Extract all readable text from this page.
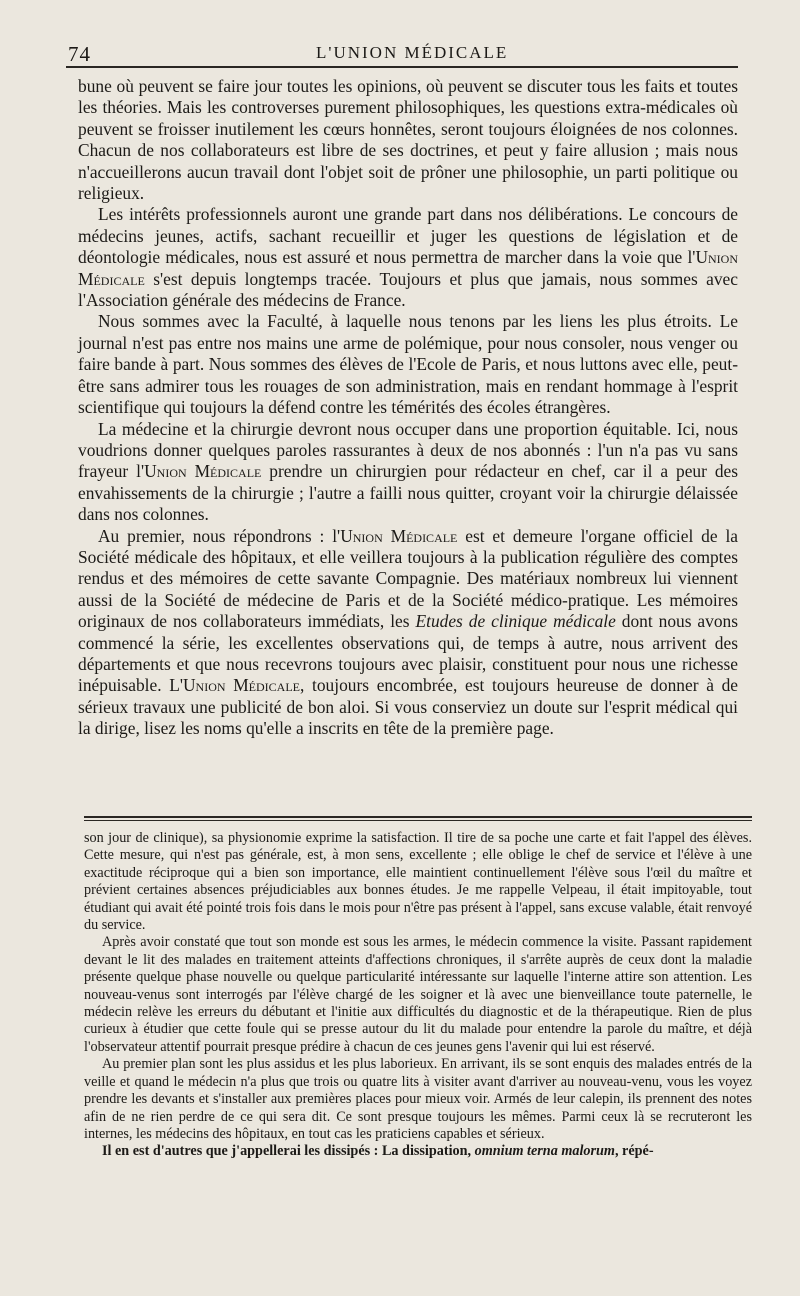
74	L'UNION MÉDICALE

bune où peuvent se faire jour toutes les opinions, où peuvent se discuter tous les faits et toutes les théories. Mais les controverses purement philosophiques, les questions extra-médicales où peuvent se froisser inutilement les cœurs honnêtes, seront toujours éloignées de nos colonnes. Chacun de nos collaborateurs est libre de ses doctrines, et peut y faire allusion ; mais nous n'accueillerons aucun travail dont l'objet soit de prôner une philosophie, un parti politique ou religieux.

Les intérêts professionnels auront une grande part dans nos délibérations. Le concours de médecins jeunes, actifs, sachant recueillir et juger les questions de législation et de déontologie médicales, nous est assuré et nous permettra de marcher dans la voie que l'Union Médicale s'est depuis longtemps tracée. Toujours et plus que jamais, nous sommes avec l'Association générale des médecins de France.

Nous sommes avec la Faculté, à laquelle nous tenons par les liens les plus étroits. Le journal n'est pas entre nos mains une arme de polémique, pour nous consoler, nous venger ou faire bande à part. Nous sommes des élèves de l'Ecole de Paris, et nous luttons avec elle, peut-être sans admirer tous les rouages de son administration, mais en rendant hommage à l'esprit scientifique qui toujours la défend contre les témérités des écoles étrangères.

La médecine et la chirurgie devront nous occuper dans une proportion équitable. Ici, nous voudrions donner quelques paroles rassurantes à deux de nos abonnés : l'un n'a pas vu sans frayeur l'Union Médicale prendre un chirurgien pour rédacteur en chef, car il a peur des envahissements de la chirurgie ; l'autre a failli nous quitter, croyant voir la chirurgie délaissée dans nos colonnes.

Au premier, nous répondrons : l'Union Médicale est et demeure l'organe officiel de la Société médicale des hôpitaux, et elle veillera toujours à la publication régulière des comptes rendus et des mémoires de cette savante Compagnie. Des matériaux nombreux lui viennent aussi de la Société de médecine de Paris et de la Société médico-pratique. Les mémoires originaux de nos collaborateurs immédiats, les Etudes de clinique médicale dont nous avons commencé la série, les excellentes observations qui, de temps à autre, nous arrivent des départements et que nous recevrons toujours avec plaisir, constituent pour nous une richesse inépuisable. L'Union Médicale, toujours encombrée, est toujours heureuse de donner à de sérieux travaux une publicité de bon aloi. Si vous conserviez un doute sur l'esprit médical qui la dirige, lisez les noms qu'elle a inscrits en tête de la première page.

son jour de clinique), sa physionomie exprime la satisfaction. Il tire de sa poche une carte et fait l'appel des élèves. Cette mesure, qui n'est pas générale, est, à mon sens, excellente ; elle oblige le chef de service et l'élève à une exactitude réciproque qui a bien son importance, elle maintient continuellement l'élève sous l'œil du maître et prévient certaines absences préjudiciables aux bonnes études. Je me rappelle Velpeau, il était impitoyable, tout étudiant qui avait été pointé trois fois dans le mois pour n'être pas présent à l'appel, sans excuse valable, était renvoyé du service.

Après avoir constaté que tout son monde est sous les armes, le médecin commence la visite. Passant rapidement devant le lit des malades en traitement atteints d'affections chroniques, il s'arrête auprès de ceux dont la maladie présente quelque phase nouvelle ou quelque particularité intéressante sur laquelle l'interne attire son attention. Les nouveau-venus sont interrogés par l'élève chargé de les soigner et là avec une bienveillance toute paternelle, le médecin relève les erreurs du débutant et l'initie aux difficultés du diagnostic et de la thérapeutique. Rien de plus curieux à étudier que cette foule qui se presse autour du lit du malade pour entendre la parole du maître, et déjà l'observateur attentif pourrait presque prédire à chacun de ces jeunes gens l'avenir qui lui est réservé.

Au premier plan sont les plus assidus et les plus laborieux. En arrivant, ils se sont enquis des malades entrés de la veille et quand le médecin n'a plus que trois ou quatre lits à visiter avant d'arriver au nouveau-venu, vous les voyez prendre les devants et s'installer aux premières places pour mieux voir. Armés de leur calepin, ils prennent des notes afin de ne rien perdre de ce qui sera dit. Ce sont presque toujours les mêmes. Parmi ceux là se recruteront les internes, les médecins des hôpitaux, en tout cas les praticiens capables et sérieux.

Il en est d'autres que j'appellerai les dissipés : La dissipation, omnium terna malorum, répé-
